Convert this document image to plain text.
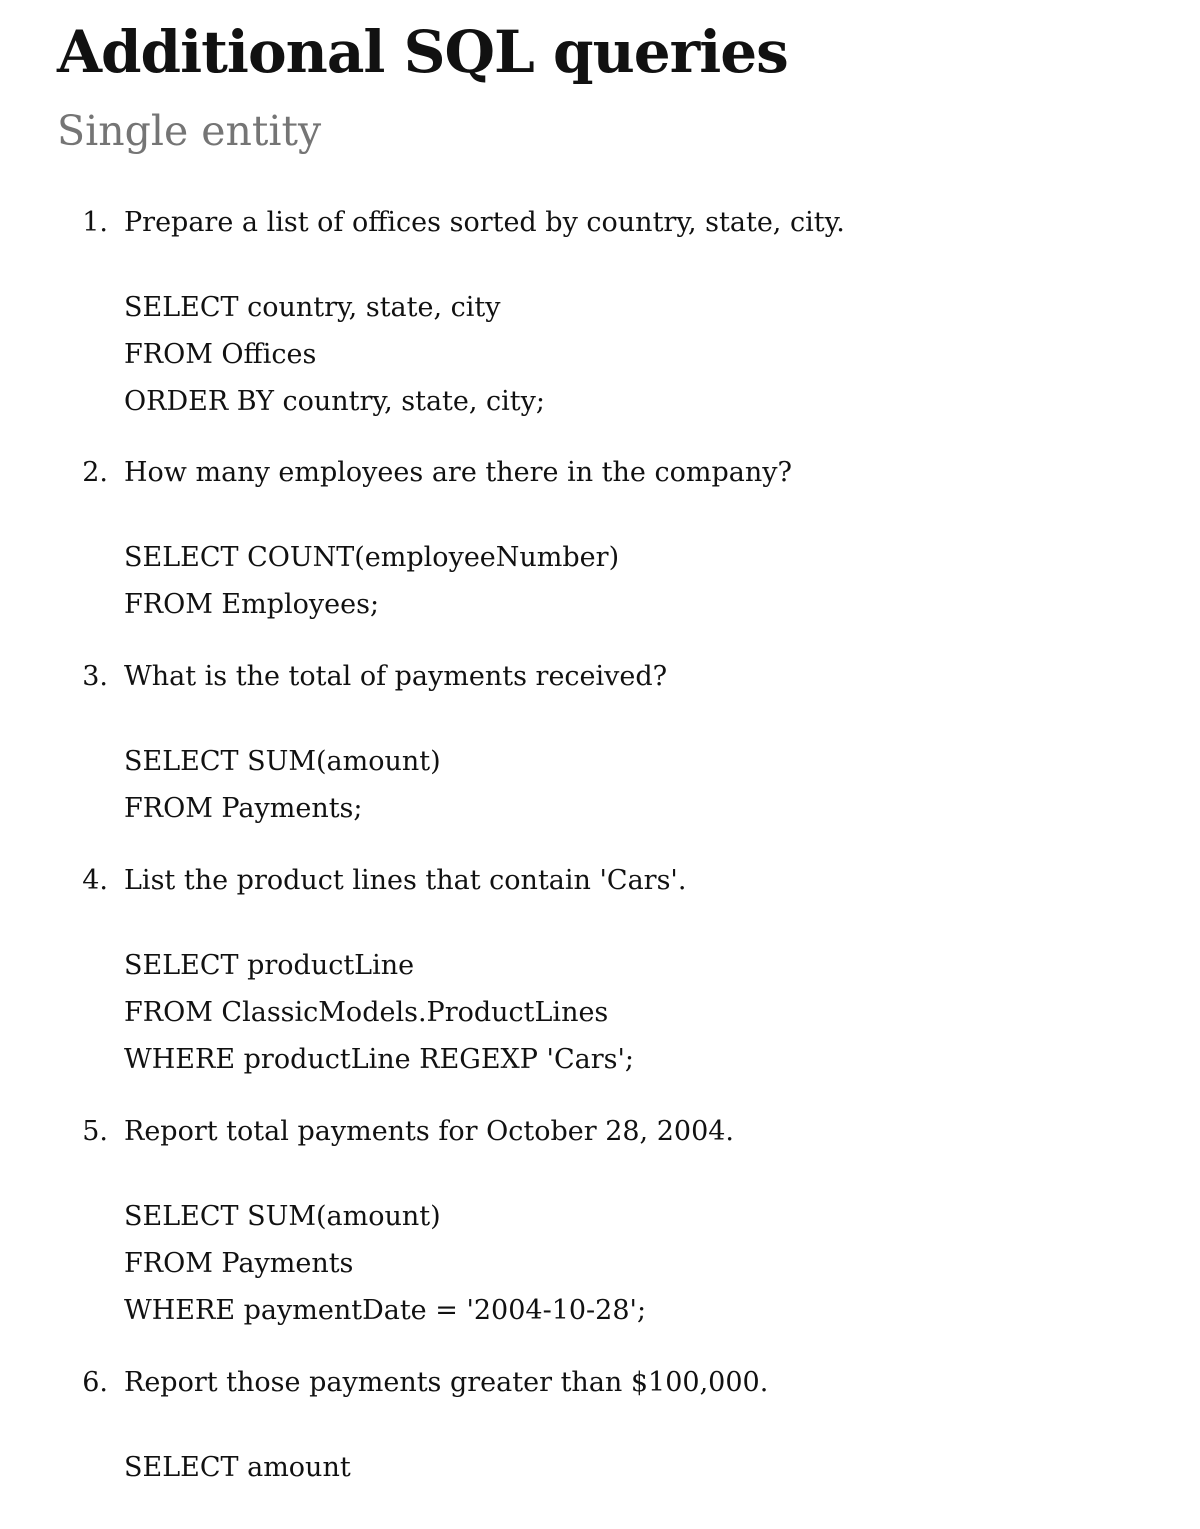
Additional SQL queries
Single entity
1. Prepare a list of offices sorted by country, state, city.
SELECT country, state, city
FROM Offices
ORDER BY country, state, city;
2. How many employees are there in the company?
SELECT COUNT(employeeNumber)
FROM Employees;
3. What is the total of payments received?
SELECT SUM(amount)
FROM Payments;
4. List the product lines that contain 'Cars'.
SELECT productLine
FROM ClassicModels.ProductLines
WHERE productLine REGEXP 'Cars';
5. Report total payments for October 28, 2004.
SELECT SUM(amount)
FROM Payments
WHERE paymentDate = '2004-10-28';
6. Report those payments greater than $100,000.
SELECT amount
